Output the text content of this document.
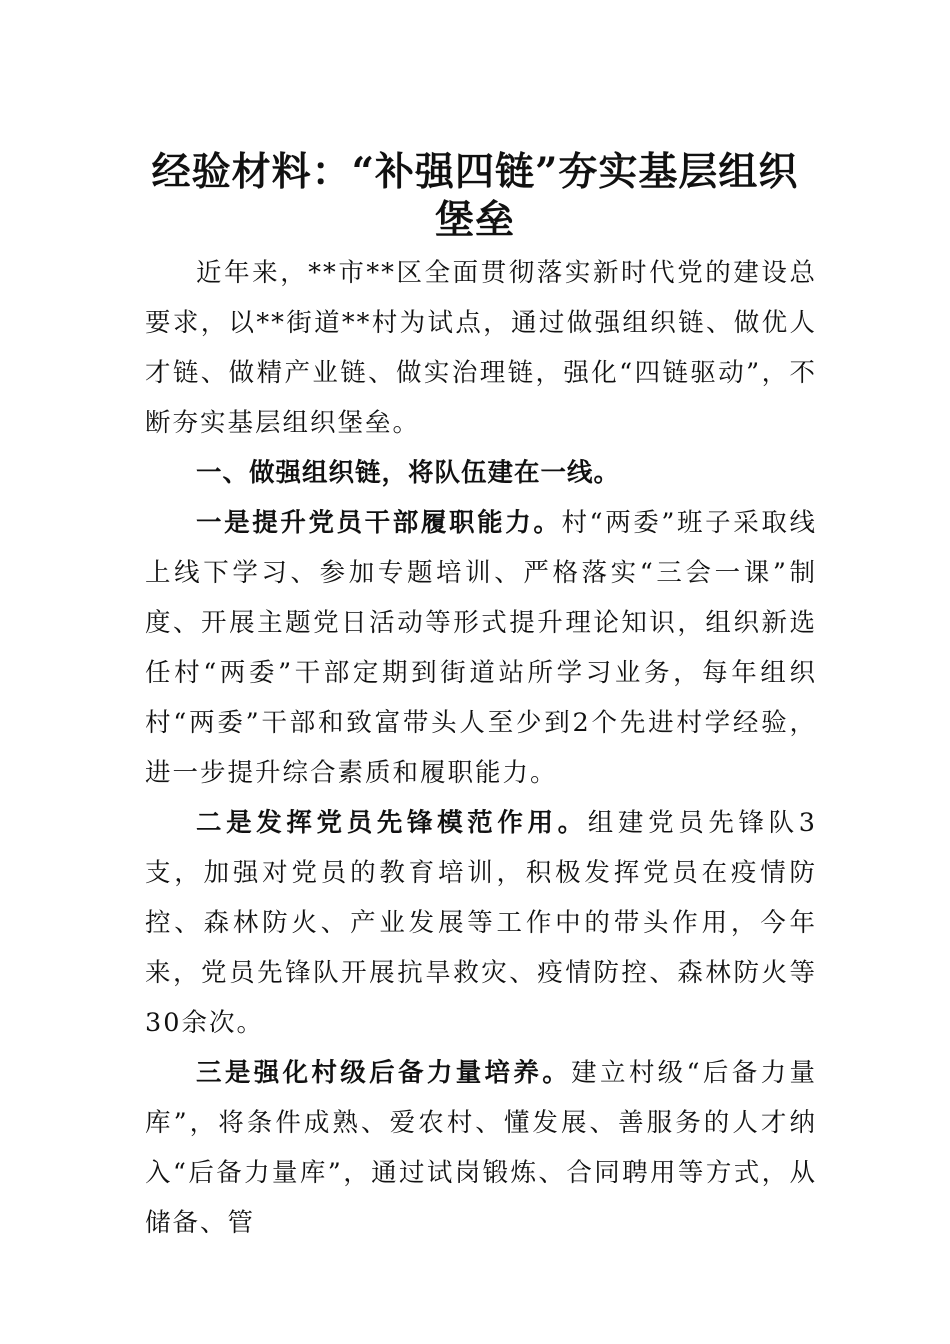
经验材料：“补强四链”夯实基层组织堡垒

近年来，**市**区全面贯彻落实新时代党的建设总要求，以**街道**村为试点，通过做强组织链、做优人才链、做精产业链、做实治理链，强化“四链驱动”，不断夯实基层组织堡垒。

一、做强组织链，将队伍建在一线。

一是提升党员干部履职能力。村“两委”班子采取线上线下学习、参加专题培训、严格落实“三会一课”制度、开展主题党日活动等形式提升理论知识，组织新选任村“两委”干部定期到街道站所学习业务，每年组织村“两委”干部和致富带头人至少到2个先进村学经验，进一步提升综合素质和履职能力。

二是发挥党员先锋模范作用。组建党员先锋队3支，加强对党员的教育培训，积极发挥党员在疫情防控、森林防火、产业发展等工作中的带头作用，今年来，党员先锋队开展抗旱救灾、疫情防控、森林防火等30余次。

三是强化村级后备力量培养。建立村级“后备力量库”，将条件成熟、爱农村、懂发展、善服务的人才纳入“后备力量库”，通过试岗锻炼、合同聘用等方式，从储备、管
